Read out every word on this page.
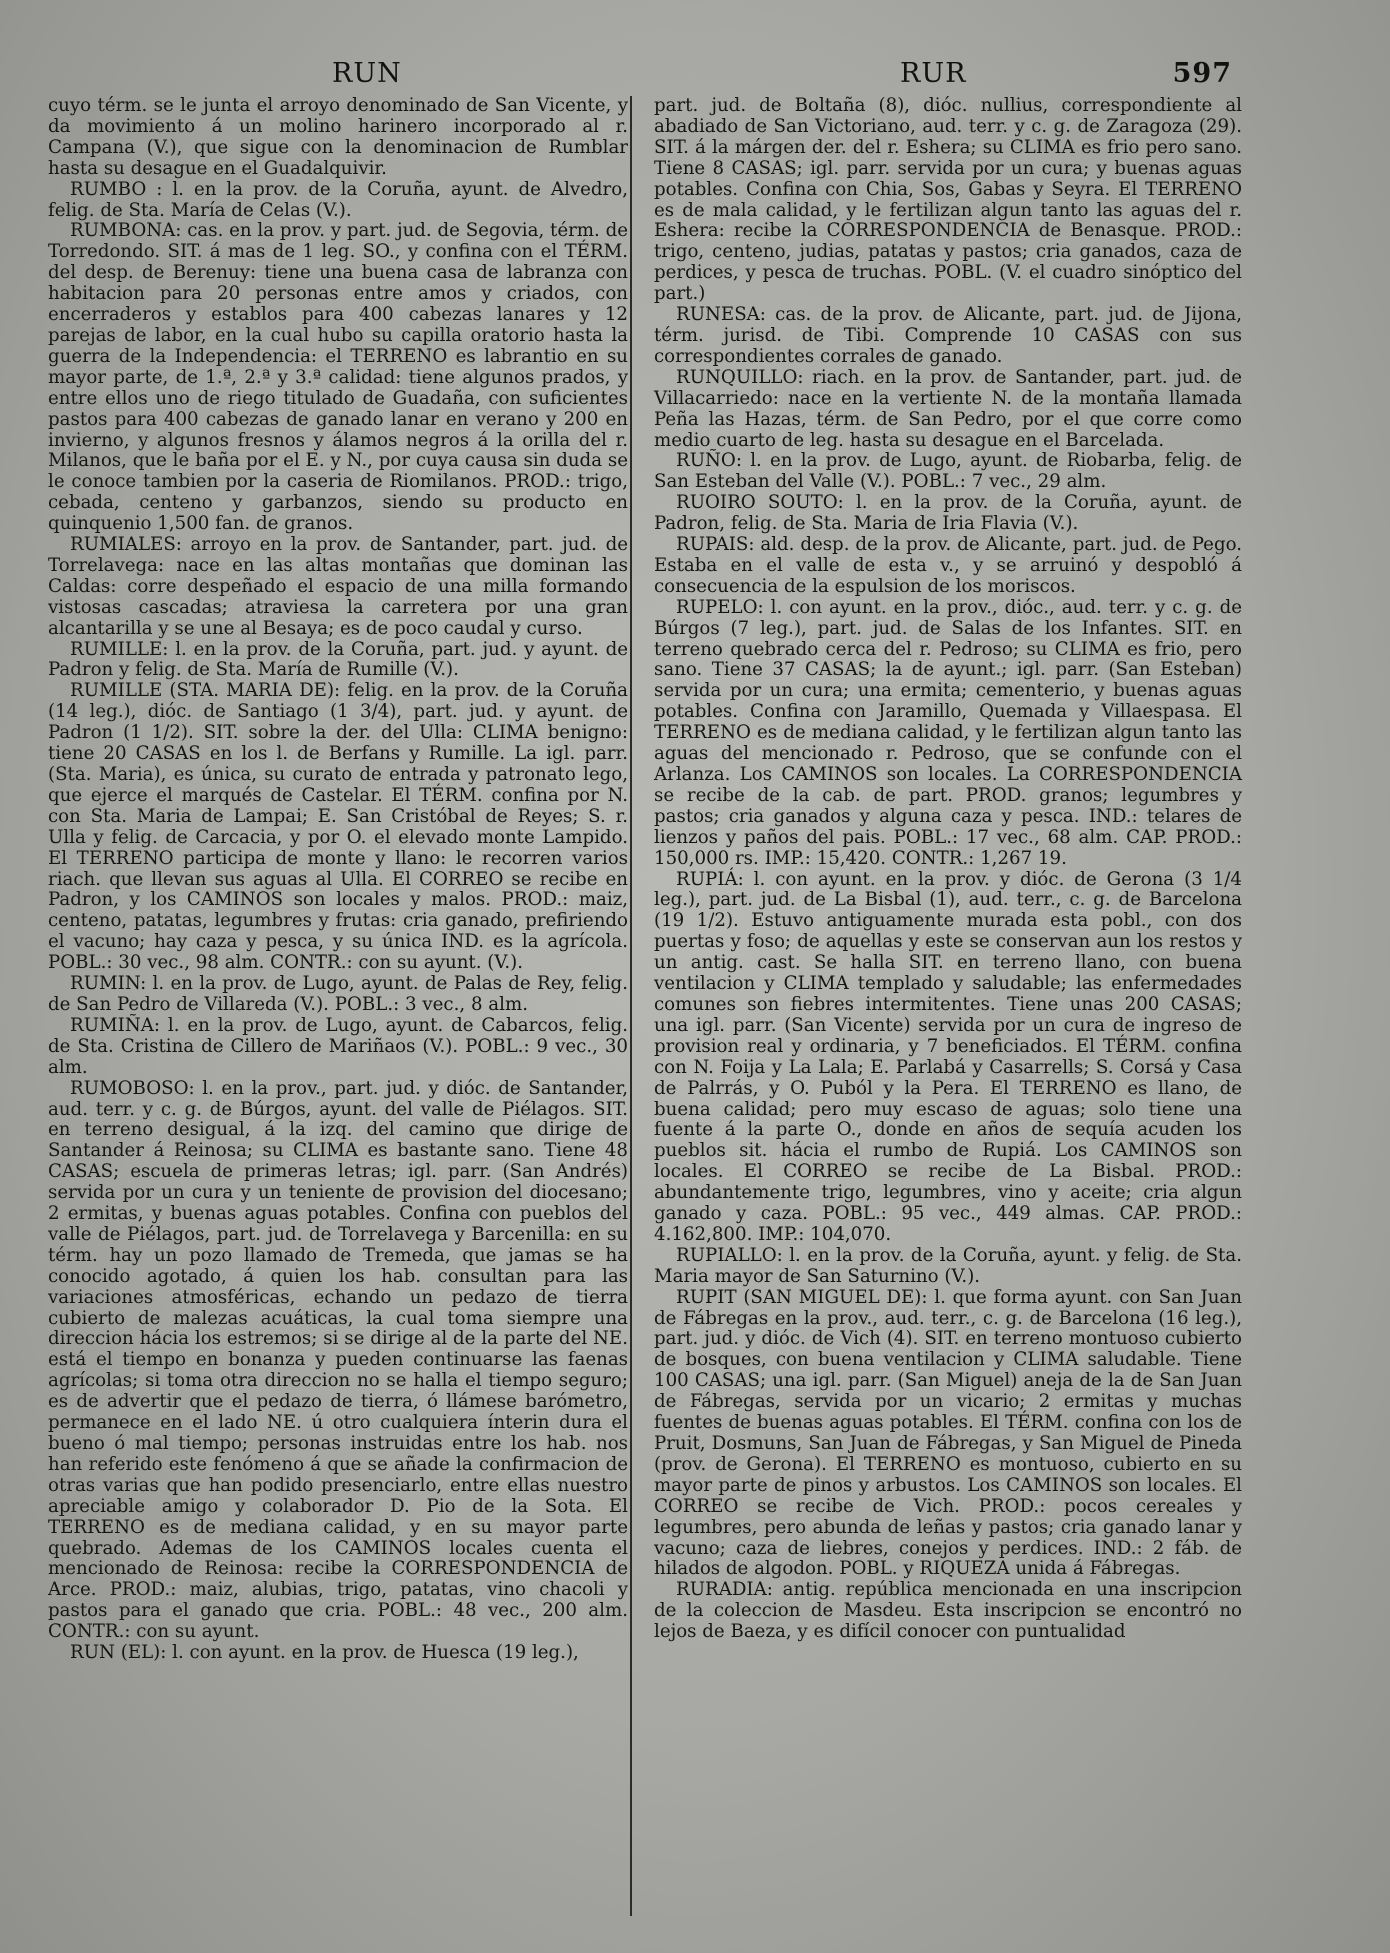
RUN	RUR	597

cuyo térm. se le junta el arroyo denominado de San Vicente, y da movimiento á un molino harinero incorporado al r. Campana (V.), que sigue con la denominacion de Rumblar hasta su desague en el Guadalquivir.

RUMBO : l. en la prov. de la Coruña, ayunt. de Alvedro, felig. de Sta. María de Celas (V.).

RUMBONA: cas. en la prov. y part. jud. de Segovia, térm. de Torredondo. SIT. á mas de 1 leg. SO., y confina con el TÉRM. del desp. de Berenuy: tiene una buena casa de labranza con habitacion para 20 personas entre amos y criados, con encerraderos y establos para 400 cabezas lanares y 12 parejas de labor, en la cual hubo su capilla oratorio hasta la guerra de la Independencia: el TERRENO es labrantio en su mayor parte, de 1.ª, 2.ª y 3.ª calidad: tiene algunos prados, y entre ellos uno de riego titulado de Guadaña, con suficientes pastos para 400 cabezas de ganado lanar en verano y 200 en invierno, y algunos fresnos y álamos negros á la orilla del r. Milanos, que le baña por el E. y N., por cuya causa sin duda se le conoce tambien por la caseria de Riomilanos. PROD.: trigo, cebada, centeno y garbanzos, siendo su producto en quinquenio 1,500 fan. de granos.

RUMIALES: arroyo en la prov. de Santander, part. jud. de Torrelavega: nace en las altas montañas que dominan las Caldas: corre despeñado el espacio de una milla formando vistosas cascadas; atraviesa la carretera por una gran alcantarilla y se une al Besaya; es de poco caudal y curso.

RUMILLE: l. en la prov. de la Coruña, part. jud. y ayunt. de Padron y felig. de Sta. María de Rumille (V.).

RUMILLE (STA. MARIA DE): felig. en la prov. de la Coruña (14 leg.), dióc. de Santiago (1 3/4), part. jud. y ayunt. de Padron (1 1/2). SIT. sobre la der. del Ulla: CLIMA benigno: tiene 20 CASAS en los l. de Berfans y Rumille. La igl. parr. (Sta. Maria), es única, su curato de entrada y patronato lego, que ejerce el marqués de Castelar. El TÉRM. confina por N. con Sta. Maria de Lampai; E. San Cristóbal de Reyes; S. r. Ulla y felig. de Carcacia, y por O. el elevado monte Lampido. El TERRENO participa de monte y llano: le recorren varios riach. que llevan sus aguas al Ulla. El CORREO se recibe en Padron, y los CAMINOS son locales y malos. PROD.: maiz, centeno, patatas, legumbres y frutas: cria ganado, prefiriendo el vacuno; hay caza y pesca, y su única IND. es la agrícola. POBL.: 30 vec., 98 alm. CONTR.: con su ayunt. (V.).

RUMIN: l. en la prov. de Lugo, ayunt. de Palas de Rey, felig. de San Pedro de Villareda (V.). POBL.: 3 vec., 8 alm.

RUMIÑA: l. en la prov. de Lugo, ayunt. de Cabarcos, felig. de Sta. Cristina de Cillero de Mariñaos (V.). POBL.: 9 vec., 30 alm.

RUMOBOSO: l. en la prov., part. jud. y dióc. de Santander, aud. terr. y c. g. de Búrgos, ayunt. del valle de Piélagos. SIT. en terreno desigual, á la izq. del camino que dirige de Santander á Reinosa; su CLIMA es bastante sano. Tiene 48 CASAS; escuela de primeras letras; igl. parr. (San Andrés) servida por un cura y un teniente de provision del diocesano; 2 ermitas, y buenas aguas potables. Confina con pueblos del valle de Piélagos, part. jud. de Torrelavega y Barcenilla: en su térm. hay un pozo llamado de Tremeda, que jamas se ha conocido agotado, á quien los hab. consultan para las variaciones atmosféricas, echando un pedazo de tierra cubierto de malezas acuáticas, la cual toma siempre una direccion hácia los estremos; si se dirige al de la parte del NE. está el tiempo en bonanza y pueden continuarse las faenas agrícolas; si toma otra direccion no se halla el tiempo seguro; es de advertir que el pedazo de tierra, ó llámese barómetro, permanece en el lado NE. ú otro cualquiera ínterin dura el bueno ó mal tiempo; personas instruidas entre los hab. nos han referido este fenómeno á que se añade la confirmacion de otras varias que han podido presenciarlo, entre ellas nuestro apreciable amigo y colaborador D. Pio de la Sota. El TERRENO es de mediana calidad, y en su mayor parte quebrado. Ademas de los CAMINOS locales cuenta el mencionado de Reinosa: recibe la CORRESPONDENCIA de Arce. PROD.: maiz, alubias, trigo, patatas, vino chacoli y pastos para el ganado que cria. POBL.: 48 vec., 200 alm. CONTR.: con su ayunt.

RUN (EL): l. con ayunt. en la prov. de Huesca (19 leg.),

part. jud. de Boltaña (8), dióc. nullius, correspondiente al abadiado de San Victoriano, aud. terr. y c. g. de Zaragoza (29). SIT. á la márgen der. del r. Eshera; su CLIMA es frio pero sano. Tiene 8 CASAS; igl. parr. servida por un cura; y buenas aguas potables. Confina con Chia, Sos, Gabas y Seyra. El TERRENO es de mala calidad, y le fertilizan algun tanto las aguas del r. Eshera: recibe la CORRESPONDENCIA de Benasque. PROD.: trigo, centeno, judias, patatas y pastos; cria ganados, caza de perdices, y pesca de truchas. POBL. (V. el cuadro sinóptico del part.)

RUNESA: cas. de la prov. de Alicante, part. jud. de Jijona, térm. jurisd. de Tibi. Comprende 10 CASAS con sus correspondientes corrales de ganado.

RUNQUILLO: riach. en la prov. de Santander, part. jud. de Villacarriedo: nace en la vertiente N. de la montaña llamada Peña las Hazas, térm. de San Pedro, por el que corre como medio cuarto de leg. hasta su desague en el Barcelada.

RUÑO: l. en la prov. de Lugo, ayunt. de Riobarba, felig. de San Esteban del Valle (V.). POBL.: 7 vec., 29 alm.

RUOIRO SOUTO: l. en la prov. de la Coruña, ayunt. de Padron, felig. de Sta. Maria de Iria Flavia (V.).

RUPAIS: ald. desp. de la prov. de Alicante, part. jud. de Pego. Estaba en el valle de esta v., y se arruinó y despobló á consecuencia de la espulsion de los moriscos.

RUPELO: l. con ayunt. en la prov., dióc., aud. terr. y c. g. de Búrgos (7 leg.), part. jud. de Salas de los Infantes. SIT. en terreno quebrado cerca del r. Pedroso; su CLIMA es frio, pero sano. Tiene 37 CASAS; la de ayunt.; igl. parr. (San Esteban) servida por un cura; una ermita; cementerio, y buenas aguas potables. Confina con Jaramillo, Quemada y Villaespasa. El TERRENO es de mediana calidad, y le fertilizan algun tanto las aguas del mencionado r. Pedroso, que se confunde con el Arlanza. Los CAMINOS son locales. La CORRESPONDENCIA se recibe de la cab. de part. PROD. granos; legumbres y pastos; cria ganados y alguna caza y pesca. IND.: telares de lienzos y paños del pais. POBL.: 17 vec., 68 alm. CAP. PROD.: 150,000 rs. IMP.: 15,420. CONTR.: 1,267 19.

RUPIÁ: l. con ayunt. en la prov. y dióc. de Gerona (3 1/4 leg.), part. jud. de La Bisbal (1), aud. terr., c. g. de Barcelona (19 1/2). Estuvo antiguamente murada esta pobl., con dos puertas y foso; de aquellas y este se conservan aun los restos y un antig. cast. Se halla SIT. en terreno llano, con buena ventilacion y CLIMA templado y saludable; las enfermedades comunes son fiebres intermitentes. Tiene unas 200 CASAS; una igl. parr. (San Vicente) servida por un cura de ingreso de provision real y ordinaria, y 7 beneficiados. El TÉRM. confina con N. Foija y La Lala; E. Parlabá y Casarrells; S. Corsá y Casa de Palrrás, y O. Puból y la Pera. El TERRENO es llano, de buena calidad; pero muy escaso de aguas; solo tiene una fuente á la parte O., donde en años de sequía acuden los pueblos sit. hácia el rumbo de Rupiá. Los CAMINOS son locales. El CORREO se recibe de La Bisbal. PROD.: abundantemente trigo, legumbres, vino y aceite; cria algun ganado y caza. POBL.: 95 vec., 449 almas. CAP. PROD.: 4.162,800. IMP.: 104,070.

RUPIALLO: l. en la prov. de la Coruña, ayunt. y felig. de Sta. Maria mayor de San Saturnino (V.).

RUPIT (SAN MIGUEL DE): l. que forma ayunt. con San Juan de Fábregas en la prov., aud. terr., c. g. de Barcelona (16 leg.), part. jud. y dióc. de Vich (4). SIT. en terreno montuoso cubierto de bosques, con buena ventilacion y CLIMA saludable. Tiene 100 CASAS; una igl. parr. (San Miguel) aneja de la de San Juan de Fábregas, servida por un vicario; 2 ermitas y muchas fuentes de buenas aguas potables. El TÉRM. confina con los de Pruit, Dosmuns, San Juan de Fábregas, y San Miguel de Pineda (prov. de Gerona). El TERRENO es montuoso, cubierto en su mayor parte de pinos y arbustos. Los CAMINOS son locales. El CORREO se recibe de Vich. PROD.: pocos cereales y legumbres, pero abunda de leñas y pastos; cria ganado lanar y vacuno; caza de liebres, conejos y perdices. IND.: 2 fáb. de hilados de algodon. POBL. y RIQUEZA unida á Fábregas.

RURADIA: antig. república mencionada en una inscripcion de la coleccion de Masdeu. Esta inscripcion se encontró no lejos de Baeza, y es difícil conocer con puntualidad
